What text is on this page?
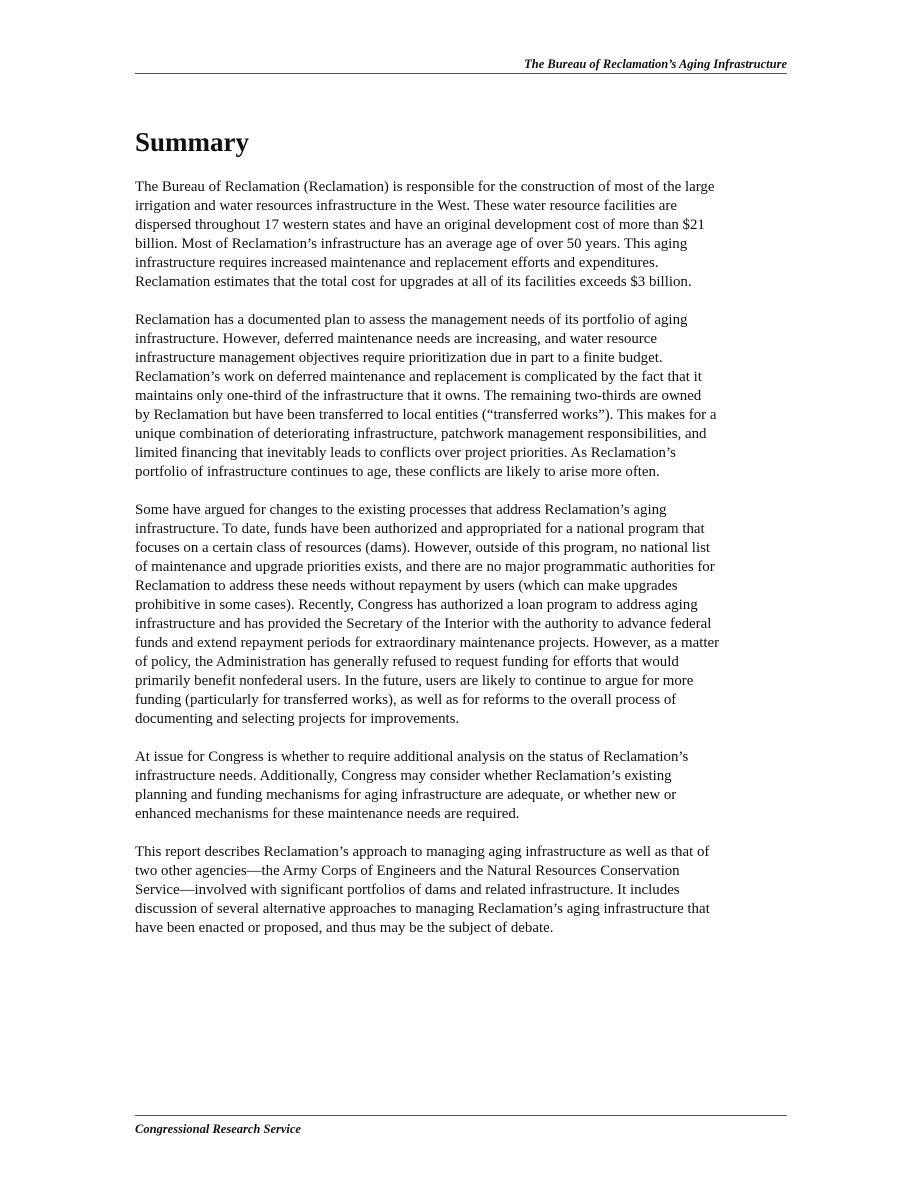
The Bureau of Reclamation’s Aging Infrastructure
Summary

The Bureau of Reclamation (Reclamation) is responsible for the construction of most of the large
irrigation and water resources infrastructure in the West. These water resource facilities are
dispersed throughout 17 western states and have an original development cost of more than $21
billion. Most of Reclamation’s infrastructure has an average age of over 50 years. This aging
infrastructure requires increased maintenance and replacement efforts and expenditures.
Reclamation estimates that the total cost for upgrades at all of its facilities exceeds $3 billion.

Reclamation has a documented plan to assess the management needs of its portfolio of aging
infrastructure. However, deferred maintenance needs are increasing, and water resource
infrastructure management objectives require prioritization due in part to a finite budget.
Reclamation’s work on deferred maintenance and replacement is complicated by the fact that it
maintains only one-third of the infrastructure that it owns. The remaining two-thirds are owned
by Reclamation but have been transferred to local entities (“transferred works”). This makes for a
unique combination of deteriorating infrastructure, patchwork management responsibilities, and
limited financing that inevitably leads to conflicts over project priorities. As Reclamation’s
portfolio of infrastructure continues to age, these conflicts are likely to arise more often.

Some have argued for changes to the existing processes that address Reclamation’s aging
infrastructure. To date, funds have been authorized and appropriated for a national program that
focuses on a certain class of resources (dams). However, outside of this program, no national list
of maintenance and upgrade priorities exists, and there are no major programmatic authorities for
Reclamation to address these needs without repayment by users (which can make upgrades
prohibitive in some cases). Recently, Congress has authorized a loan program to address aging
infrastructure and has provided the Secretary of the Interior with the authority to advance federal
funds and extend repayment periods for extraordinary maintenance projects. However, as a matter
of policy, the Administration has generally refused to request funding for efforts that would
primarily benefit nonfederal users. In the future, users are likely to continue to argue for more
funding (particularly for transferred works), as well as for reforms to the overall process of
documenting and selecting projects for improvements.

At issue for Congress is whether to require additional analysis on the status of Reclamation’s
infrastructure needs. Additionally, Congress may consider whether Reclamation’s existing
planning and funding mechanisms for aging infrastructure are adequate, or whether new or
enhanced mechanisms for these maintenance needs are required.

This report describes Reclamation’s approach to managing aging infrastructure as well as that of
two other agencies—the Army Corps of Engineers and the Natural Resources Conservation
Service—involved with significant portfolios of dams and related infrastructure. It includes
discussion of several alternative approaches to managing Reclamation’s aging infrastructure that
have been enacted or proposed, and thus may be the subject of debate.

Congressional Research Service
